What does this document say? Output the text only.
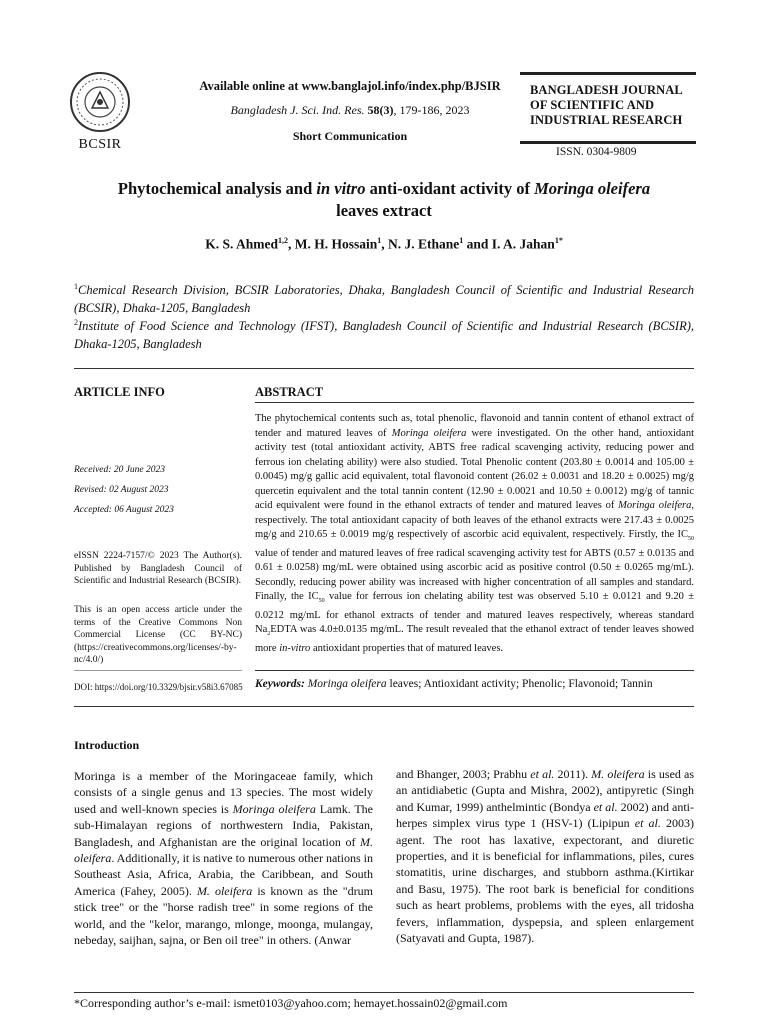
BCSIR
Available online at www.banglajol.info/index.php/BJSIR
Bangladesh J. Sci. Ind. Res. 58(3), 179-186, 2023
Short Communication
BANGLADESH JOURNAL
OF SCIENTIFIC AND
INDUSTRIAL RESEARCH
ISSN. 0304-9809
Phytochemical analysis and in vitro anti-oxidant activity of Moringa oleifera
leaves extract
K. S. Ahmed$^{1,2}$, M. H. Hossain$^1$, N. J. Ethane$^1$ and I. A. Jahan$^{1*}$
$^1$Chemical Research Division, BCSIR Laboratories, Dhaka, Bangladesh Council of Scientific and Industrial Research (BCSIR), Dhaka-1205, Bangladesh
$^2$Institute of Food Science and Technology (IFST), Bangladesh Council of Scientific and Industrial Research (BCSIR), Dhaka-1205, Bangladesh
ARTICLE INFO
Received: 20 June 2023
Revised: 02 August 2023
Accepted: 06 August 2023
eISSN 2224-7157/© 2023 The Author(s). Published by Bangladesh Council of Scientific and Industrial Research (BCSIR).
This is an open access article under the terms of the Creative Commons Non Commercial License (CC BY-NC) (https://creativecommons.org/licenses/-by-nc/4.0/)
DOI: https://doi.org/10.3329/bjsir.v58i3.67085
ABSTRACT
The phytochemical contents such as, total phenolic, flavonoid and tannin content of ethanol extract of tender and matured leaves of Moringa oleifera were investigated. On the other hand, antioxidant activity test (total antioxidant activity, ABTS free radical scavenging activity, reducing power and ferrous ion chelating ability) were also studied. Total Phenolic content (203.80 ± 0.0014 and 105.00 ± 0.0045) mg/g gallic acid equivalent, total flavonoid content (26.02 ± 0.0031 and 18.20 ± 0.0025) mg/g quercetin equivalent and the total tannin content (12.90 ± 0.0021 and 10.50 ± 0.0012) mg/g of tannic acid equivalent were found in the ethanol extracts of tender and matured leaves of Moringa oleifera, respectively. The total antioxidant capacity of both leaves of the ethanol extracts were 217.43 ± 0.0025 mg/g and 210.65 ± 0.0019 mg/g respectively of ascorbic acid equivalent, respectively. Firstly, the $IC_{50}$ value of tender and matured leaves of free radical scavenging activity test for ABTS (0.57 ± 0.0135 and 0.61 ± 0.0258) mg/mL were obtained using ascorbic acid as positive control (0.50 ± 0.0265 mg/mL). Secondly, reducing power ability was increased with higher concentration of all samples and standard. Finally, the $IC_{50}$ value for ferrous ion chelating ability test was observed 5.10 ± 0.0121 and 9.20 ± 0.0212 mg/mL for ethanol extracts of tender and matured leaves respectively, whereas standard $Na_2EDTA$ was 4.0±0.0135 mg/mL. The result revealed that the ethanol extract of tender leaves showed more in-vitro antioxidant properties that of matured leaves.
Keywords: Moringa oleifera leaves; Antioxidant activity; Phenolic; Flavonoid; Tannin
Introduction
Moringa is a member of the Moringaceae family, which consists of a single genus and 13 species. The most widely used and well-known species is Moringa oleifera Lamk. The sub-Himalayan regions of northwestern India, Pakistan, Bangladesh, and Afghanistan are the original location of M. oleifera. Additionally, it is native to numerous other nations in Southeast Asia, Africa, Arabia, the Caribbean, and South America (Fahey, 2005). M. oleifera is known as the "drum stick tree" or the "horse radish tree" in some regions of the world, and the "kelor, marango, mlonge, moonga, mulangay, nebeday, saijhan, sajna, or Ben oil tree" in others. (Anwar
and Bhanger, 2003; Prabhu et al. 2011). M. oleifera is used as an antidiabetic (Gupta and Mishra, 2002), antipyretic (Singh and Kumar, 1999) anthelmintic (Bondya et al. 2002) and anti-herpes simplex virus type 1 (HSV-1) (Lipipun et al. 2003) agent. The root has laxative, expectorant, and diuretic properties, and it is beneficial for inflammations, piles, cures stomatitis, urine discharges, and stubborn asthma.(Kirtikar and Basu, 1975). The root bark is beneficial for conditions such as heart problems, problems with the eyes, all tridosha fevers, inflammation, dyspepsia, and spleen enlargement (Satyavati and Gupta, 1987).
*Corresponding author’s e-mail: ismet0103@yahoo.com; hemayet.hossain02@gmail.com
